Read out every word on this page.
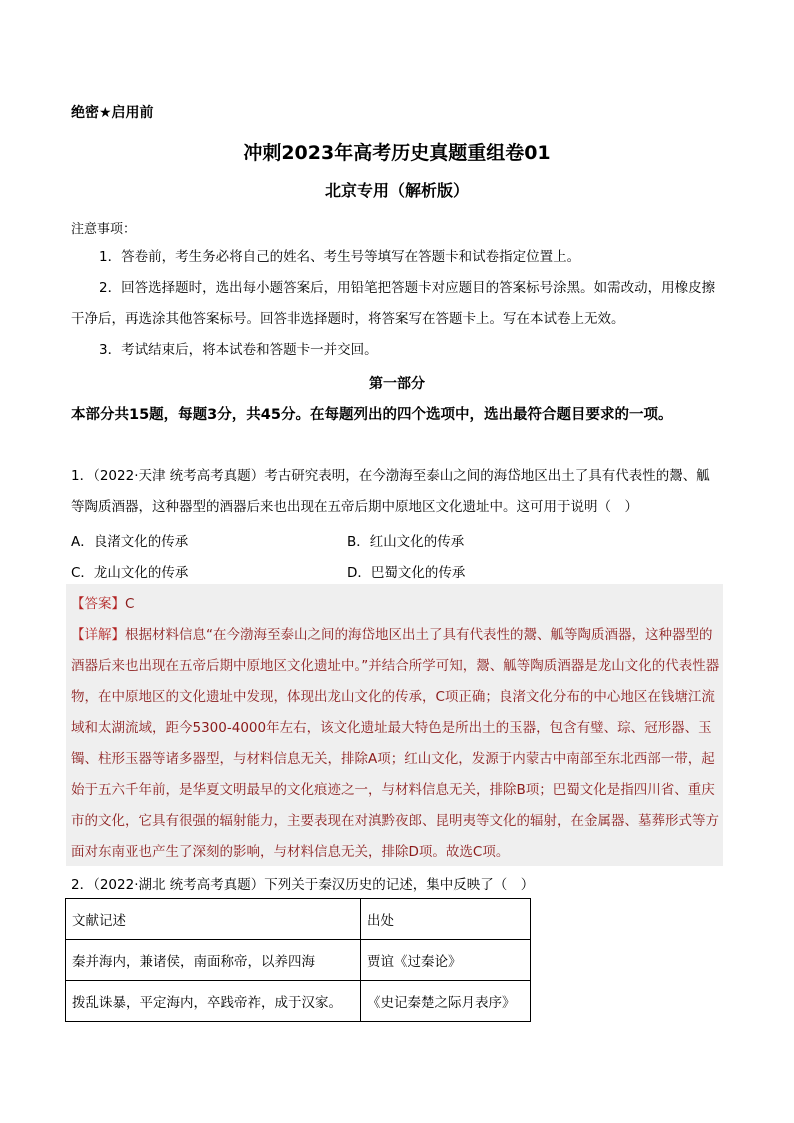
绝密★启用前
冲刺2023年高考历史真题重组卷01
北京专用（解析版）
注意事项：
1．答卷前，考生务必将自己的姓名、考生号等填写在答题卡和试卷指定位置上。
2．回答选择题时，选出每小题答案后，用铅笔把答题卡对应题目的答案标号涂黑。如需改动，用橡皮擦干净后，再选涂其他答案标号。回答非选择题时，将答案写在答题卡上。写在本试卷上无效。
3．考试结束后，将本试卷和答题卡一并交回。
第一部分
本部分共15题，每题3分，共45分。在每题列出的四个选项中，选出最符合题目要求的一项。
1．（2022·天津 统考高考真题）考古研究表明，在今渤海至泰山之间的海岱地区出土了具有代表性的鬶、觚等陶质酒器，这种器型的酒器后来也出现在五帝后期中原地区文化遗址中。这可用于说明（　）
A．良渚文化的传承	B．红山文化的传承
C．龙山文化的传承	D．巴蜀文化的传承
【答案】C
【详解】根据材料信息“在今渤海至泰山之间的海岱地区出土了具有代表性的鬶、觚等陶质酒器，这种器型的酒器后来也出现在五帝后期中原地区文化遗址中。”并结合所学可知，鬶、觚等陶质酒器是龙山文化的代表性器物，在中原地区的文化遗址中发现，体现出龙山文化的传承，C项正确；良渚文化分布的中心地区在钱塘江流域和太湖流域，距今5300-4000年左右，该文化遗址最大特色是所出土的玉器，包含有璧、琮、冠形器、玉镯、柱形玉器等诸多器型，与材料信息无关，排除A项；红山文化，发源于内蒙古中南部至东北西部一带，起始于五六千年前，是华夏文明最早的文化痕迹之一，与材料信息无关，排除B项；巴蜀文化是指四川省、重庆市的文化，它具有很强的辐射能力，主要表现在对滇黔夜郎、昆明夷等文化的辐射，在金属器、墓葬形式等方面对东南亚也产生了深刻的影响，与材料信息无关，排除D项。故选C项。
2．（2022·湖北 统考高考真题）下列关于秦汉历史的记述，集中反映了（　）
文献记述	出处
秦并海内，兼诸侯，南面称帝，以养四海	贾谊《过秦论》
拨乱诛暴，平定海内，卒践帝祚，成于汉家。	《史记秦楚之际月表序》
